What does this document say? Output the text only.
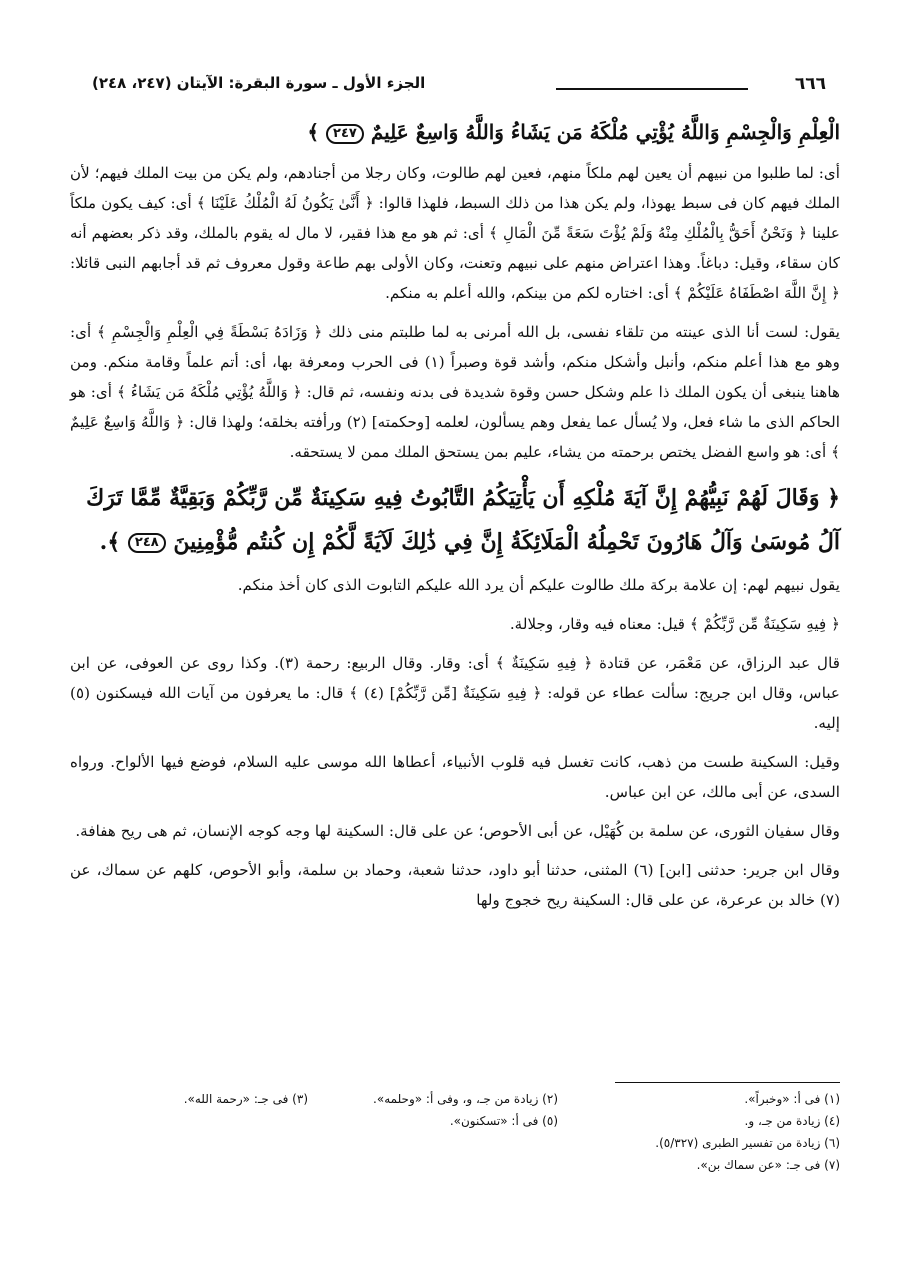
٦٦٦
الجزء الأول ـ سورة البقرة: الآيتان (٢٤٧، ٢٤٨)

الْعِلْمِ وَالْجِسْمِ وَاللَّهُ يُؤْتِي مُلْكَهُ مَن يَشَاءُ وَاللَّهُ وَاسِعٌ عَلِيمٌ ٢٤٧ ﴾

أى: لما طلبوا من نبيهم أن يعين لهم ملكاً منهم، فعين لهم طالوت، وكان رجلا من أجنادهم، ولم يكن من بيت الملك فيهم؛ لأن الملك فيهم كان فى سبط يهوذا، ولم يكن هذا من ذلك السبط، فلهذا قالوا: ﴿ أَنَّىٰ يَكُونُ لَهُ الْمُلْكُ عَلَيْنَا ﴾ أى: كيف يكون ملكاً علينا ﴿ وَنَحْنُ أَحَقُّ بِالْمُلْكِ مِنْهُ وَلَمْ يُؤْتَ سَعَةً مِّنَ الْمَالِ ﴾ أى: ثم هو مع هذا فقير، لا مال له يقوم بالملك، وقد ذكر بعضهم أنه كان سقاء، وقيل: دباغاً. وهذا اعتراض منهم على نبيهم وتعنت، وكان الأولى بهم طاعة وقول معروف ثم قد أجابهم النبى قائلا: ﴿ إِنَّ اللَّهَ اصْطَفَاهُ عَلَيْكُمْ ﴾ أى: اختاره لكم من بينكم، والله أعلم به منكم.

يقول: لست أنا الذى عينته من تلقاء نفسى، بل الله أمرنى به لما طلبتم منى ذلك ﴿ وَزَادَهُ بَسْطَةً فِي الْعِلْمِ وَالْجِسْمِ ﴾ أى: وهو مع هذا أعلم منكم، وأنبل وأشكل منكم، وأشد قوة وصبراً (١) فى الحرب ومعرفة بها، أى: أتم علماً وقامة منكم. ومن هاهنا ينبغى أن يكون الملك ذا علم وشكل حسن وقوة شديدة فى بدنه ونفسه، ثم قال: ﴿ وَاللَّهُ يُؤْتِي مُلْكَهُ مَن يَشَاءُ ﴾ أى: هو الحاكم الذى ما شاء فعل، ولا يُسأل عما يفعل وهم يسألون، لعلمه [وحكمته] (٢) ورأفته بخلقه؛ ولهذا قال: ﴿ وَاللَّهُ وَاسِعٌ عَلِيمٌ ﴾ أى: هو واسع الفضل يختص برحمته من يشاء، عليم بمن يستحق الملك ممن لا يستحقه.

﴿ وَقَالَ لَهُمْ نَبِيُّهُمْ إِنَّ آيَةَ مُلْكِهِ أَن يَأْتِيَكُمُ التَّابُوتُ فِيهِ سَكِينَةٌ مِّن رَّبِّكُمْ وَبَقِيَّةٌ مِّمَّا تَرَكَ آلُ مُوسَىٰ وَآلُ هَارُونَ تَحْمِلُهُ الْمَلَائِكَةُ إِنَّ فِي ذَٰلِكَ لَآيَةً لَّكُمْ إِن كُنتُم مُّؤْمِنِينَ ٢٤٨ ﴾.

يقول نبيهم لهم: إن علامة بركة ملك طالوت عليكم أن يرد الله عليكم التابوت الذى كان أخذ منكم.

﴿ فِيهِ سَكِينَةٌ مِّن رَّبِّكُمْ ﴾ قيل: معناه فيه وقار، وجلالة.

قال عبد الرزاق، عن مَعْمَر، عن قتادة ﴿ فِيهِ سَكِينَةٌ ﴾ أى: وقار. وقال الربيع: رحمة (٣). وكذا روى عن العوفى، عن ابن عباس، وقال ابن جريج: سألت عطاء عن قوله: ﴿ فِيهِ سَكِينَةٌ [مِّن رَّبِّكُمْ] (٤) ﴾ قال: ما يعرفون من آيات الله فيسكنون (٥) إليه.

وقيل: السكينة طست من ذهب، كانت تغسل فيه قلوب الأنبياء، أعطاها الله موسى عليه السلام، فوضع فيها الألواح. ورواه السدى، عن أبى مالك، عن ابن عباس.

وقال سفيان الثورى، عن سلمة بن كُهَيْل، عن أبى الأحوص؛ عن على قال: السكينة لها وجه كوجه الإنسان، ثم هى ريح هفافة.

وقال ابن جرير: حدثنى [ابن] (٦) المثنى، حدثنا أبو داود، حدثنا شعبة، وحماد بن سلمة، وأبو الأحوص، كلهم عن سماك، عن (٧) خالد بن عرعرة، عن على قال: السكينة ريح خجوج ولها

(١) فى أ: «وخبراً».
(٢) زيادة من جـ، و، وفى أ: «وحلمه».
(٣) فى جـ: «رحمة الله».
(٤) زيادة من جـ، و.
(٥) فى أ: «تسكنون».
(٦) زيادة من تفسير الطبرى (٥/٣٢٧).
(٧) فى جـ: «عن سماك بن».
